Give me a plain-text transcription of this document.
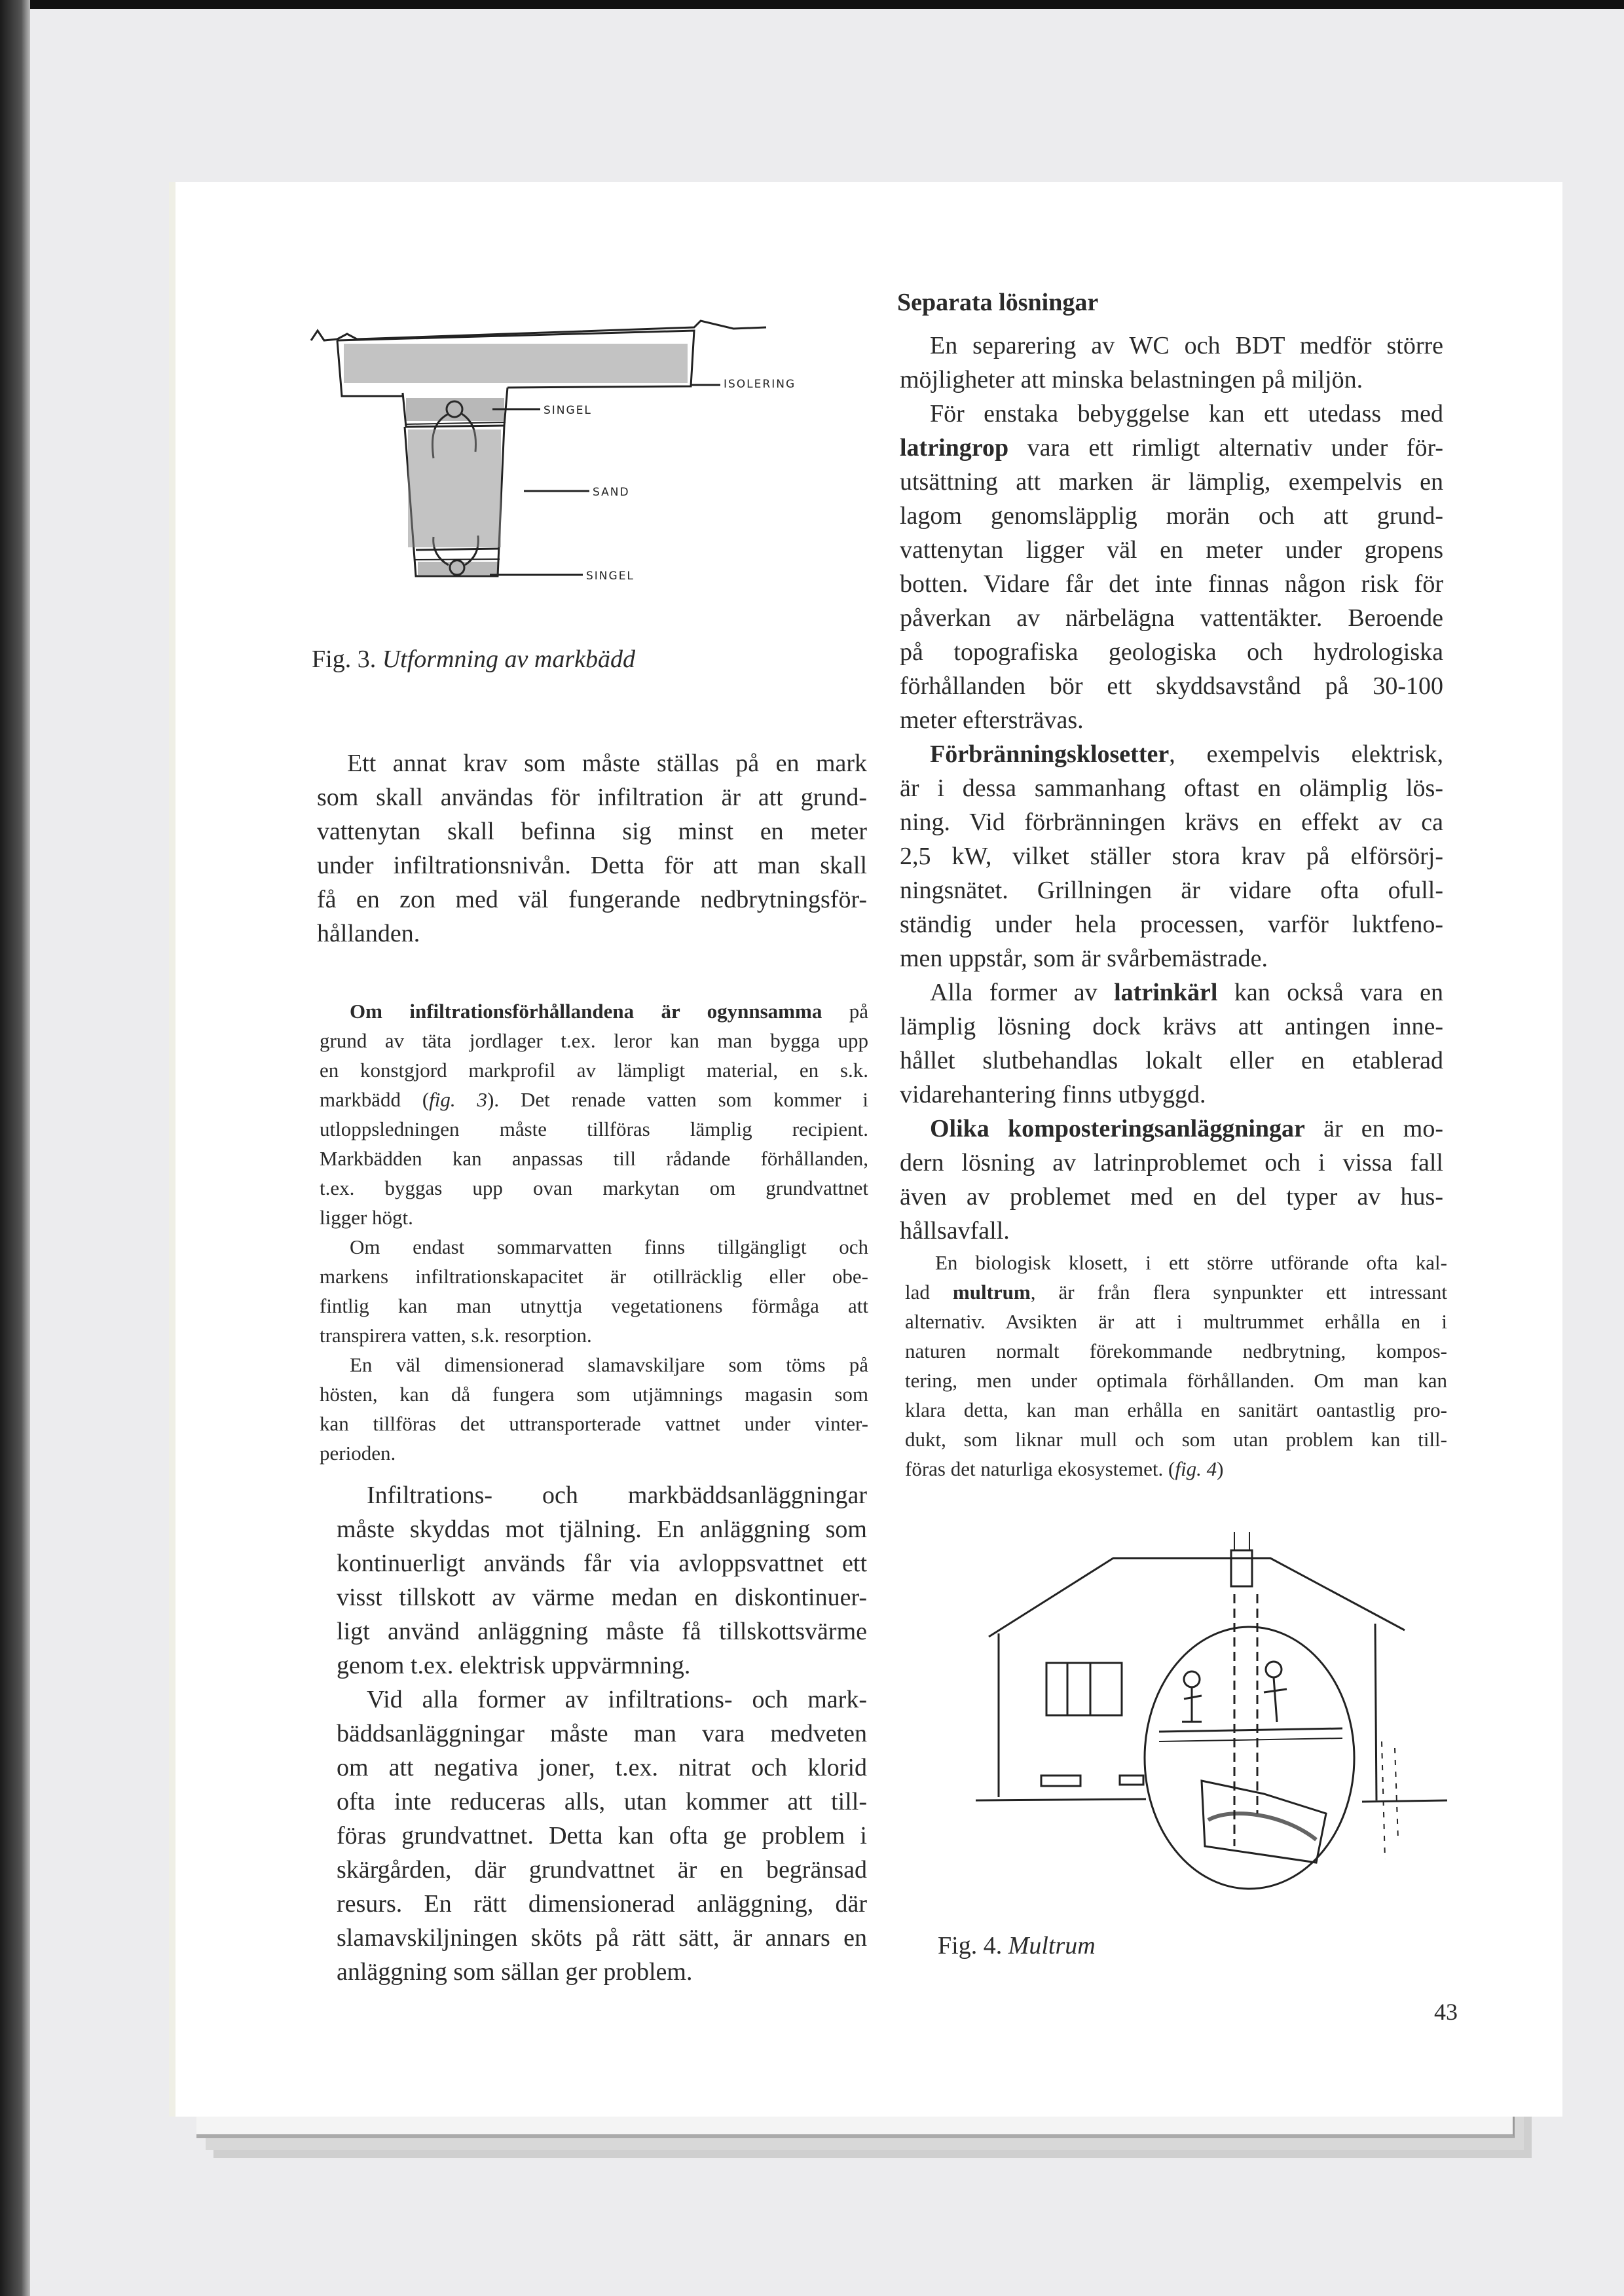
ISOLERING
SINGEL
SAND
SINGEL
Fig. 3. Utformning av markbädd
Ett annat krav som måste ställas på en mark
som skall användas för infiltration är att grund-
vattenytan skall befinna sig minst en meter
under infiltrationsnivån. Detta för att man skall
få en zon med väl fungerande nedbrytningsför-
hållanden.
Om infiltrationsförhållandena är ogynnsamma på
grund av täta jordlager t.ex. leror kan man bygga upp
en konstgjord markprofil av lämpligt material, en s.k.
markbädd (fig. 3). Det renade vatten som kommer i
utloppsledningen måste tillföras lämplig recipient.
Markbädden kan anpassas till rådande förhållanden,
t.ex. byggas upp ovan markytan om grundvattnet
ligger högt.
Om endast sommarvatten finns tillgängligt och
markens infiltrationskapacitet är otillräcklig eller obe-
fintlig kan man utnyttja vegetationens förmåga att
transpirera vatten, s.k. resorption.
En väl dimensionerad slamavskiljare som töms på
hösten, kan då fungera som utjämnings magasin som
kan tillföras det uttransporterade vattnet under vinter-
perioden.
Infiltrations- och markbäddsanläggningar
måste skyddas mot tjälning. En anläggning som
kontinuerligt används får via avloppsvattnet ett
visst tillskott av värme medan en diskontinuer-
ligt använd anläggning måste få tillskottsvärme
genom t.ex. elektrisk uppvärmning.
Vid alla former av infiltrations- och mark-
bäddsanläggningar måste man vara medveten
om att negativa joner, t.ex. nitrat och klorid
ofta inte reduceras alls, utan kommer att till-
föras grundvattnet. Detta kan ofta ge problem i
skärgården, där grundvattnet är en begränsad
resurs. En rätt dimensionerad anläggning, där
slamavskiljningen sköts på rätt sätt, är annars en
anläggning som sällan ger problem.
Separata lösningar
En separering av WC och BDT medför större
möjligheter att minska belastningen på miljön.
För enstaka bebyggelse kan ett utedass med
latringrop vara ett rimligt alternativ under för-
utsättning att marken är lämplig, exempelvis en
lagom genomsläpplig morän och att grund-
vattenytan ligger väl en meter under gropens
botten. Vidare får det inte finnas någon risk för
påverkan av närbelägna vattentäkter. Beroende
på topografiska geologiska och hydrologiska
förhållanden bör ett skyddsavstånd på 30-100
meter eftersträvas.
Förbränningsklosetter, exempelvis elektrisk,
är i dessa sammanhang oftast en olämplig lös-
ning. Vid förbränningen krävs en effekt av ca
2,5 kW, vilket ställer stora krav på elförsörj-
ningsnätet. Grillningen är vidare ofta ofull-
ständig under hela processen, varför luktfeno-
men uppstår, som är svårbemästrade.
Alla former av latrinkärl kan också vara en
lämplig lösning dock krävs att antingen inne-
hållet slutbehandlas lokalt eller en etablerad
vidarehantering finns utbyggd.
Olika komposteringsanläggningar är en mo-
dern lösning av latrinproblemet och i vissa fall
även av problemet med en del typer av hus-
hållsavfall.
En biologisk klosett, i ett större utförande ofta kal-
lad multrum, är från flera synpunkter ett intressant
alternativ. Avsikten är att i multrummet erhålla en i
naturen normalt förekommande nedbrytning, kompos-
tering, men under optimala förhållanden. Om man kan
klara detta, kan man erhålla en sanitärt oantastlig pro-
dukt, som liknar mull och som utan problem kan till-
föras det naturliga ekosystemet. (fig. 4)
Fig. 4. Multrum
43
